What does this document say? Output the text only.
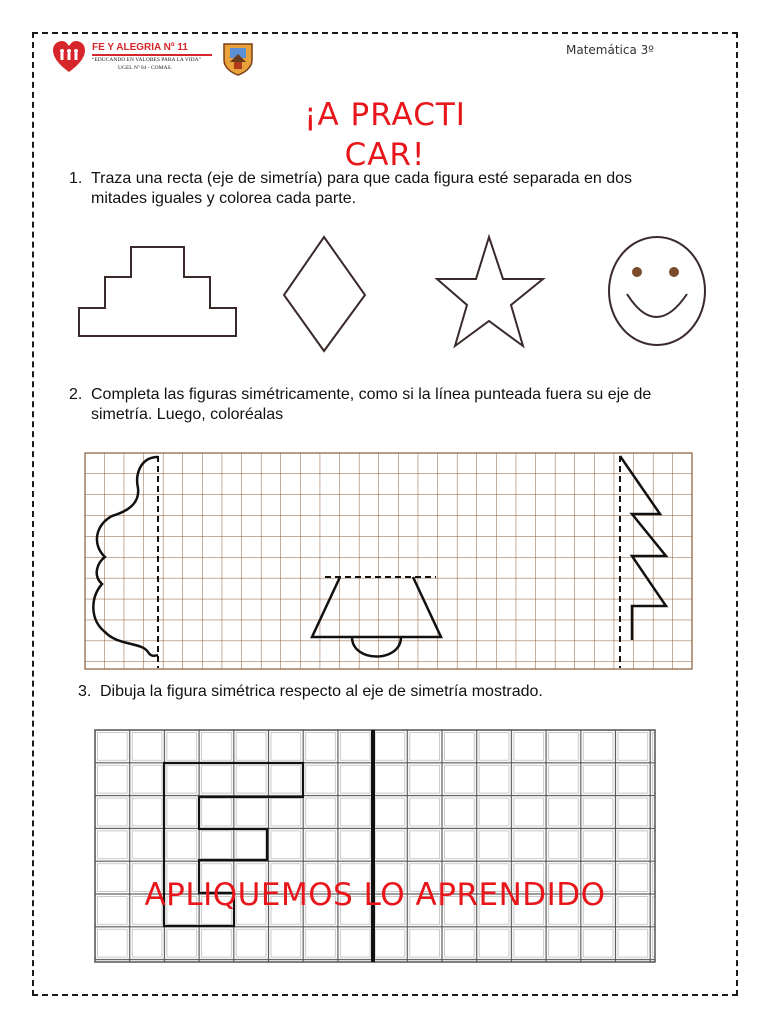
FE Y ALEGRIA Nº 11
“EDUCANDO EN VALORES PARA LA VIDA”
UGEL Nº 04 - COMAS.
Matemática 3º
¡A PRACTICAR!
1. Traza una recta (eje de simetría) para que cada figura esté separada en dos mitades iguales y colorea cada parte.
2. Completa las figuras simétricamente, como si la línea punteada fuera su eje de simetría. Luego, coloréalas
3. Dibuja la figura simétrica respecto al eje de simetría mostrado.
APLIQUEMOS LO APRENDIDO
